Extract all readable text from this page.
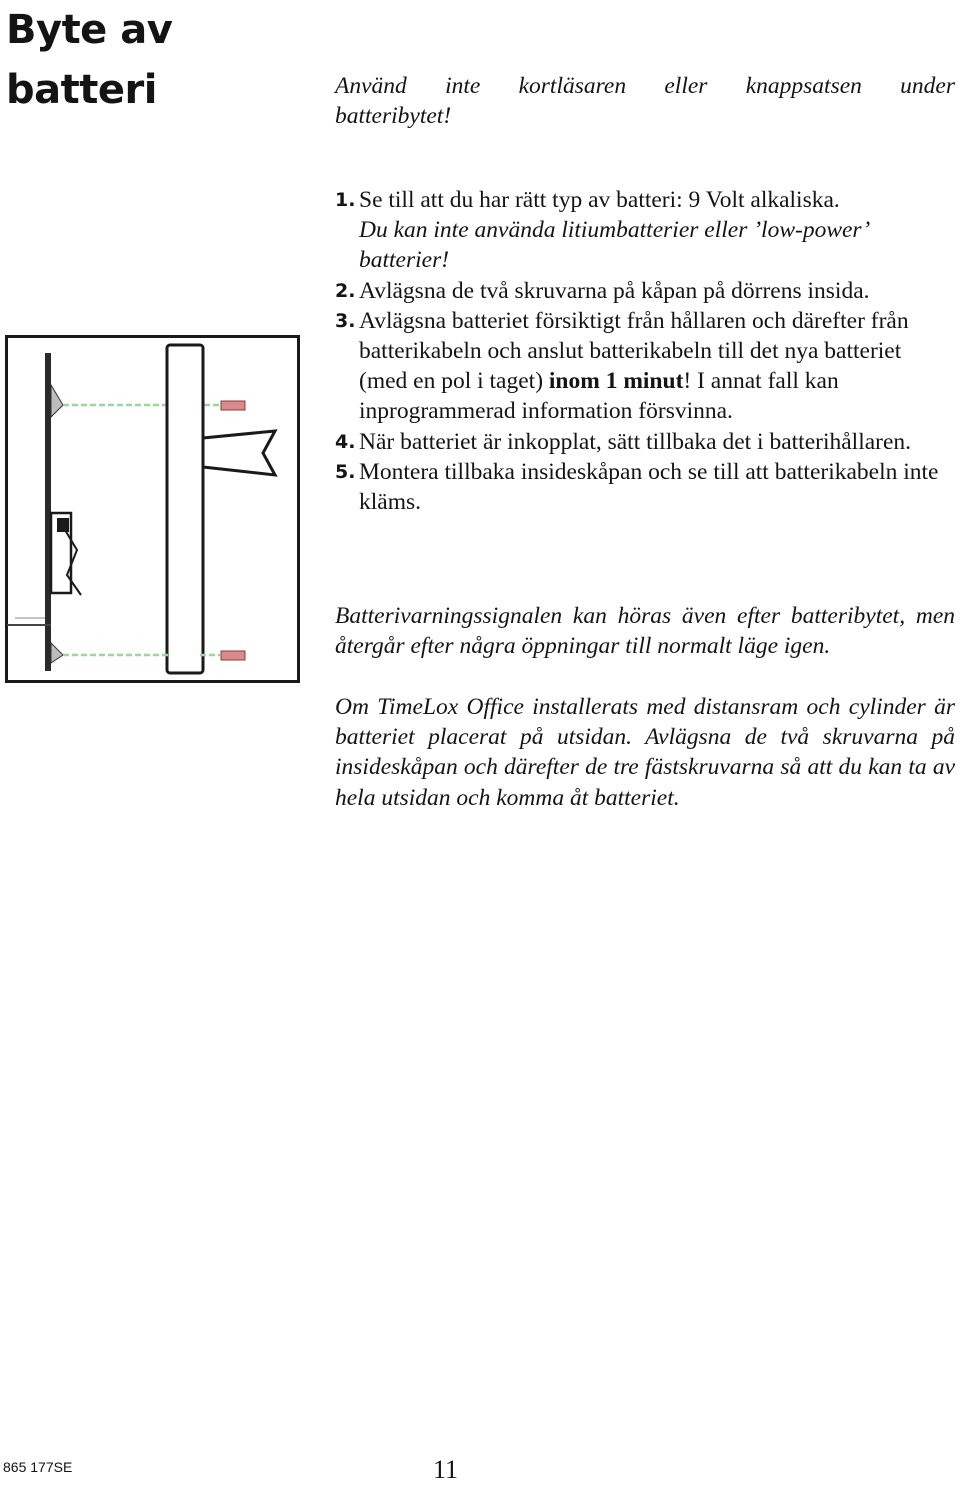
Byte av
batteri	Använd inte kortläsaren eller knappsatsen under
batteribytet!

1. Se till att du har rätt typ av batteri: 9 Volt alkaliska.
Du kan inte använda litiumbatterier eller ’low-power’ batterier!
2. Avlägsna de två skruvarna på kåpan på dörrens insida.
3. Avlägsna batteriet försiktigt från hållaren och därefter från batterikabeln och anslut batterikabeln till det nya batteriet (med en pol i taget) inom 1 minut! I annat fall kan inprogrammerad information försvinna.
4. När batteriet är inkopplat, sätt tillbaka det i batterihållaren.
5. Montera tillbaka insideskåpan och se till att batterikabeln inte kläms.

Batterivarningssignalen kan höras även efter batteribytet, men återgår efter några öppningar till normalt läge igen.

Om TimeLox Office installerats med distansram och cylinder är batteriet placerat på utsidan. Avlägsna de två skruvarna på insideskåpan och därefter de tre fästskruvarna så att du kan ta av hela utsidan och komma åt batteriet.

865 177SE	11
